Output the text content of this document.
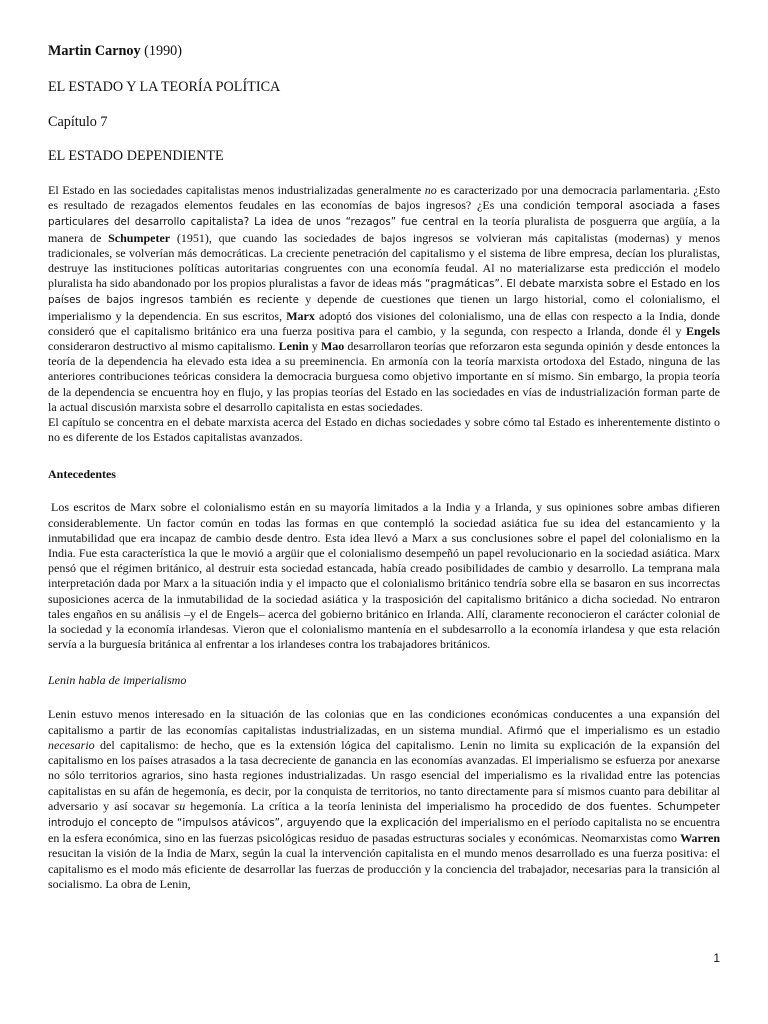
Martin Carnoy (1990)

EL ESTADO Y LA TEORÍA POLÍTICA

Capítulo 7

EL ESTADO DEPENDIENTE

El Estado en las sociedades capitalistas menos industrializadas generalmente no es caracterizado por una democracia parlamentaria. ¿Esto es resultado de rezagados elementos feudales en las economías de bajos ingresos? ¿Es una condición temporal asociada a fases particulares del desarrollo capitalista? La idea de unos “rezagos” fue central en la teoría pluralista de posguerra que argüía, a la manera de Schumpeter (1951), que cuando las sociedades de bajos ingresos se volvieran más capitalistas (modernas) y menos tradicionales, se volverían más democráticas. La creciente penetración del capitalismo y el sistema de libre empresa, decían los pluralistas, destruye las instituciones políticas autoritarias congruentes con una economía feudal. Al no materializarse esta predicción el modelo pluralista ha sido abandonado por los propios pluralistas a favor de ideas más “pragmáticas”. El debate marxista sobre el Estado en los países de bajos ingresos también es reciente y depende de cuestiones que tienen un largo historial, como el colonialismo, el imperialismo y la dependencia. En sus escritos, Marx adoptó dos visiones del colonialismo, una de ellas con respecto a la India, donde consideró que el capitalismo británico era una fuerza positiva para el cambio, y la segunda, con respecto a Irlanda, donde él y Engels consideraron destructivo al mismo capitalismo. Lenin y Mao desarrollaron teorías que reforzaron esta segunda opinión y desde entonces la teoría de la dependencia ha elevado esta idea a su preeminencia. En armonía con la teoría marxista ortodoxa del Estado, ninguna de las anteriores contribuciones teóricas considera la democracia burguesa como objetivo importante en sí mismo. Sin embargo, la propia teoría de la dependencia se encuentra hoy en flujo, y las propias teorías del Estado en las sociedades en vías de industrialización forman parte de la actual discusión marxista sobre el desarrollo capitalista en estas sociedades.

El capítulo se concentra en el debate marxista acerca del Estado en dichas sociedades y sobre cómo tal Estado es inherentemente distinto o no es diferente de los Estados capitalistas avanzados.

Antecedentes

Los escritos de Marx sobre el colonialismo están en su mayoría limitados a la India y a Irlanda, y sus opiniones sobre ambas difieren considerablemente. Un factor común en todas las formas en que contempló la sociedad asiática fue su idea del estancamiento y la inmutabilidad que era incapaz de cambio desde dentro. Esta idea llevó a Marx a sus conclusiones sobre el papel del colonialismo en la India. Fue esta característica la que le movió a argüir que el colonialismo desempeñó un papel revolucionario en la sociedad asiática. Marx pensó que el régimen británico, al destruir esta sociedad estancada, había creado posibilidades de cambio y desarrollo. La temprana mala interpretación dada por Marx a la situación india y el impacto que el colonialismo británico tendría sobre ella se basaron en sus incorrectas suposiciones acerca de la inmutabilidad de la sociedad asiática y la trasposición del capitalismo británico a dicha sociedad. No entraron tales engaños en su análisis –y el de Engels– acerca del gobierno británico en Irlanda. Allí, claramente reconocieron el carácter colonial de la sociedad y la economía irlandesas. Vieron que el colonialismo mantenía en el subdesarrollo a la economía irlandesa y que esta relación servía a la burguesía británica al enfrentar a los irlandeses contra los trabajadores británicos.

Lenin habla de imperialismo

Lenin estuvo menos interesado en la situación de las colonias que en las condiciones económicas conducentes a una expansión del capitalismo a partir de las economías capitalistas industrializadas, en un sistema mundial. Afirmó que el imperialismo es un estadio necesario del capitalismo: de hecho, que es la extensión lógica del capitalismo. Lenin no limita su explicación de la expansión del capitalismo en los países atrasados a la tasa decreciente de ganancia en las economías avanzadas. El imperialismo se esfuerza por anexarse no sólo territorios agrarios, sino hasta regiones industrializadas. Un rasgo esencial del imperialismo es la rivalidad entre las potencias capitalistas en su afán de hegemonía, es decir, por la conquista de territorios, no tanto directamente para sí mismos cuanto para debilitar al adversario y así socavar su hegemonía. La crítica a la teoría leninista del imperialismo ha procedido de dos fuentes. Schumpeter introdujo el concepto de “impulsos atávicos”, arguyendo que la explicación del imperialismo en el período capitalista no se encuentra en la esfera económica, sino en las fuerzas psicológicas residuo de pasadas estructuras sociales y económicas. Neomarxistas como Warren resucitan la visión de la India de Marx, según la cual la intervención capitalista en el mundo menos desarrollado es una fuerza positiva: el capitalismo es el modo más eficiente de desarrollar las fuerzas de producción y la conciencia del trabajador, necesarias para la transición al socialismo. La obra de Lenin,

1
